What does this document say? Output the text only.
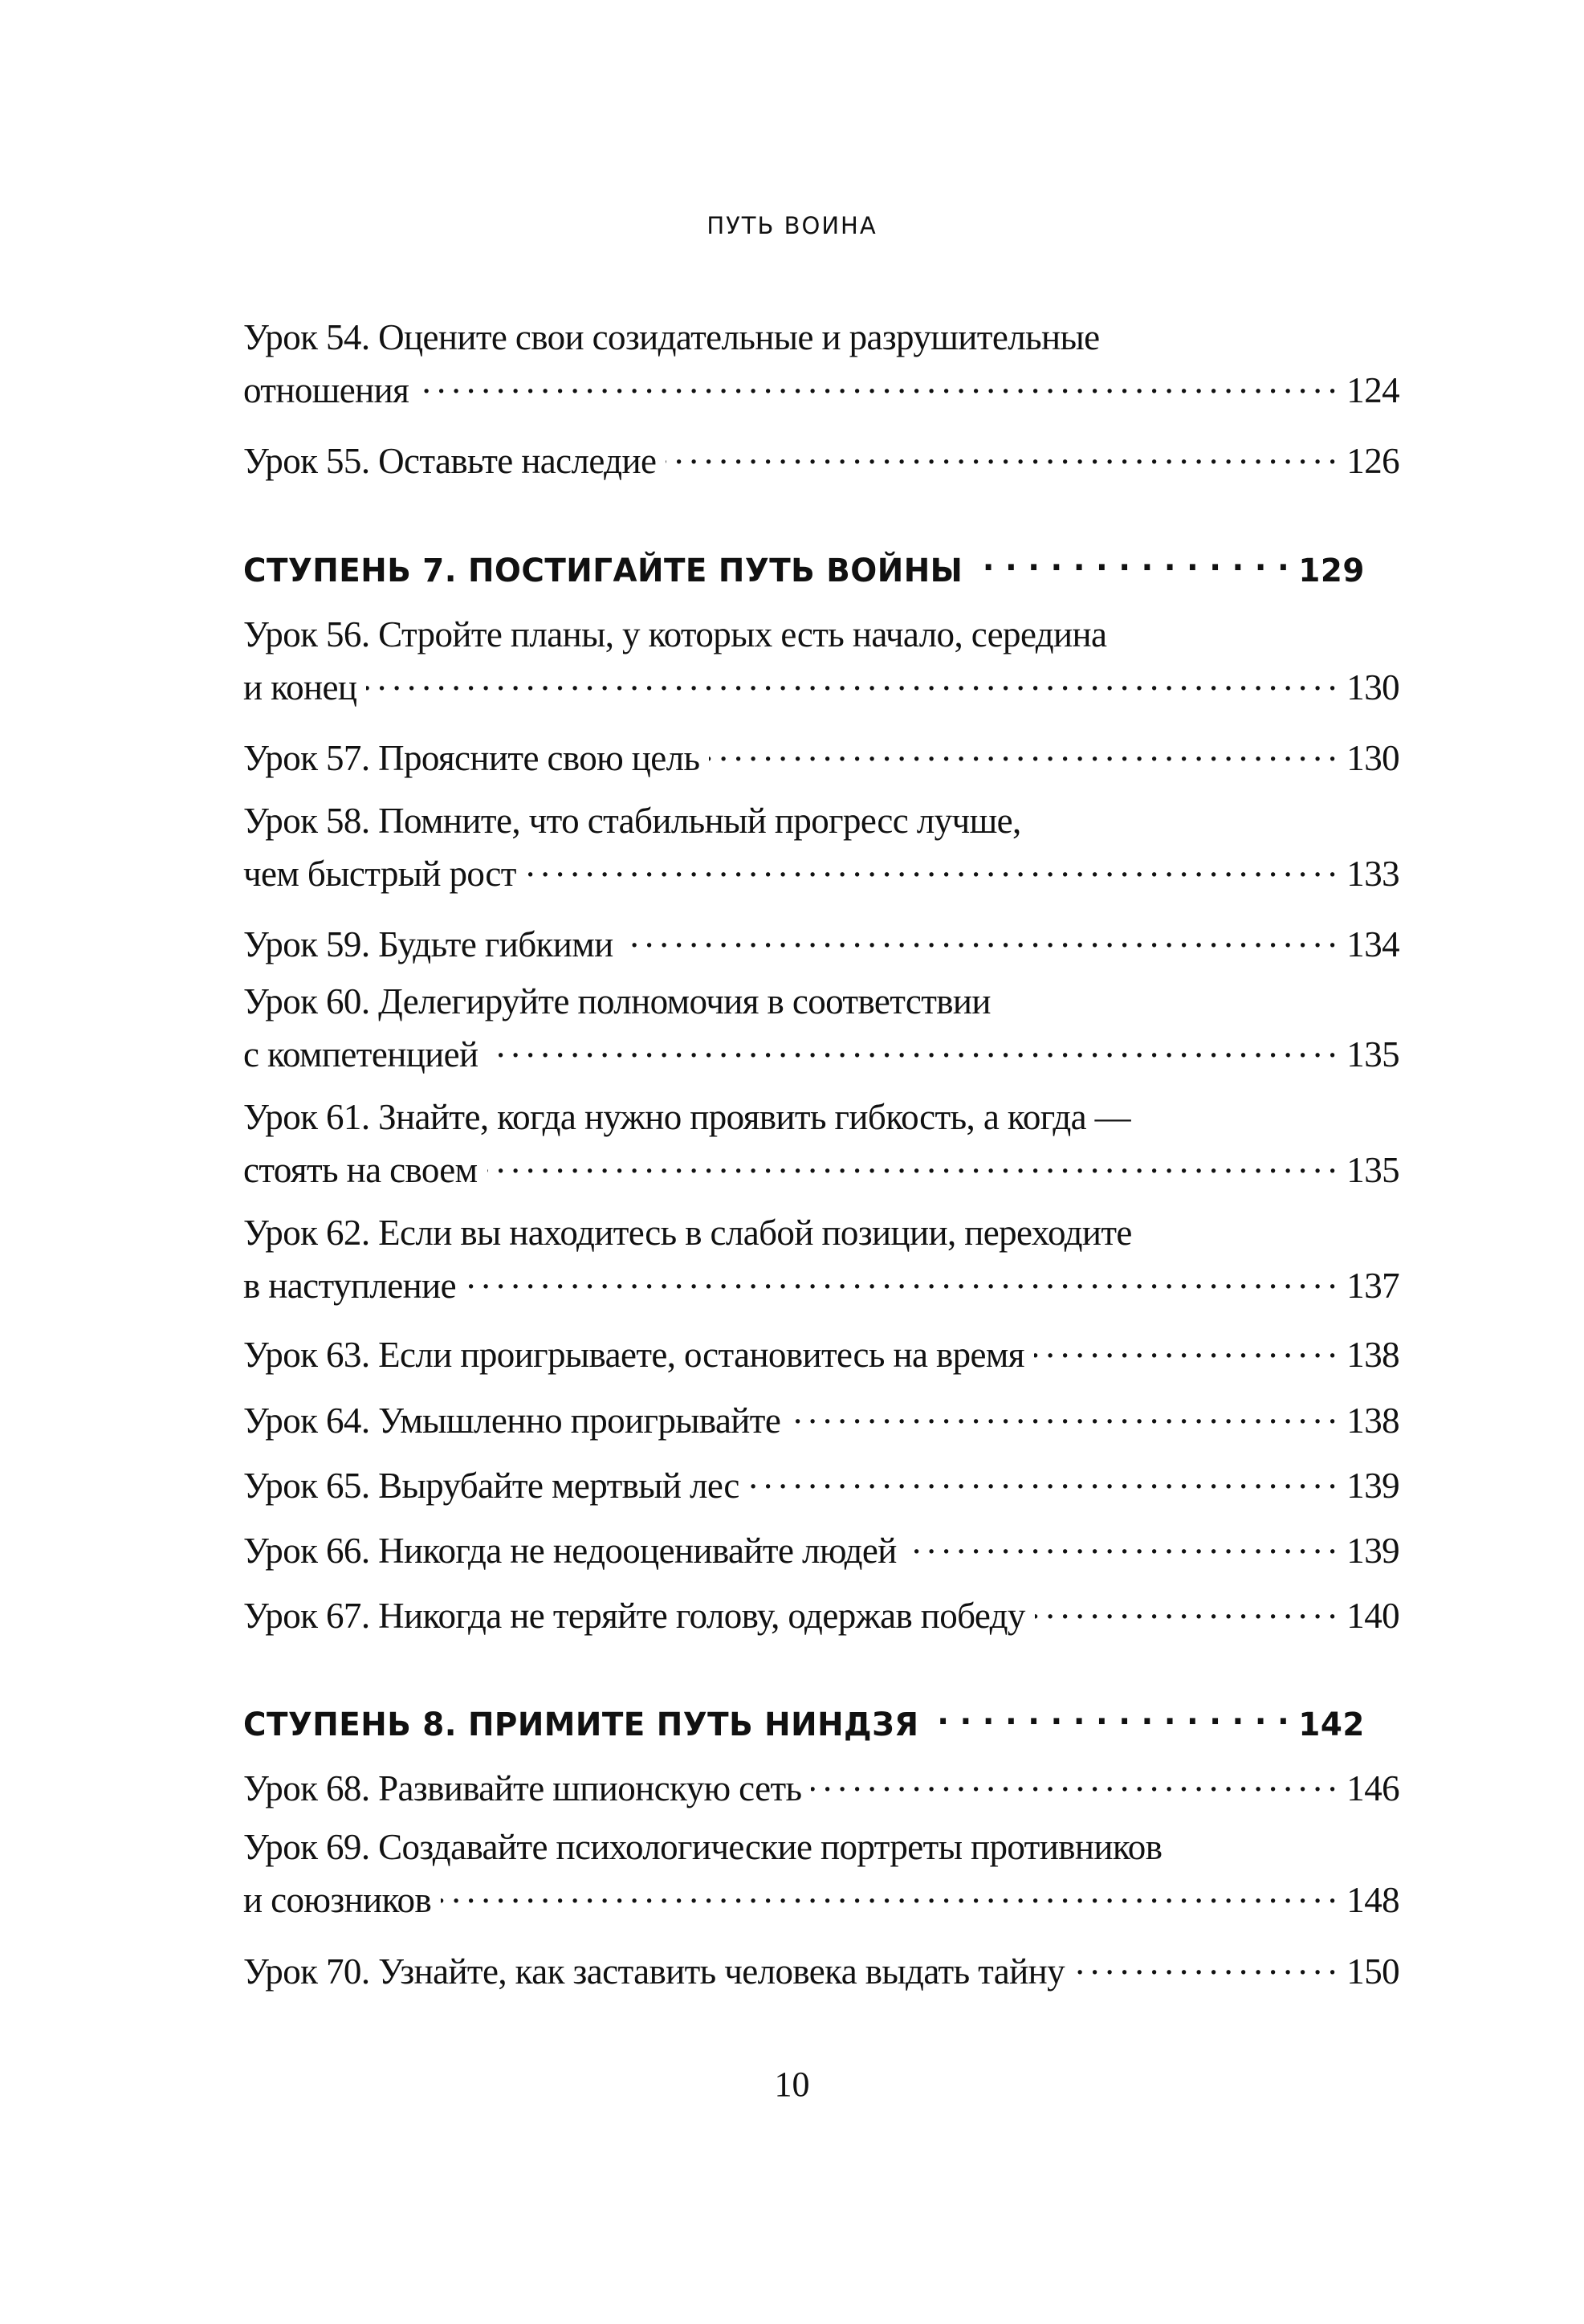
ПУТЬ ВОИНА
Урок 54. Оцените свои созидательные и разрушительные
отношения . . .	124
Урок 55. Оставьте наследие . . .	126
СТУПЕНЬ 7. ПОСТИГАЙТЕ ПУТЬ ВОЙНЫ . . .	129
Урок 56. Стройте планы, у которых есть начало, середина
и конец . . .	130
Урок 57. Проясните свою цель . . .	130
Урок 58. Помните, что стабильный прогресс лучше,
чем быстрый рост . . .	133
Урок 59. Будьте гибкими . . .	134
Урок 60. Делегируйте полномочия в соответствии
с компетенцией . . .	135
Урок 61. Знайте, когда нужно проявить гибкость, а когда —
стоять на своем . . .	135
Урок 62. Если вы находитесь в слабой позиции, переходите
в наступление . . .	137
Урок 63. Если проигрываете, остановитесь на время . . .	138
Урок 64. Умышленно проигрывайте . . .	138
Урок 65. Вырубайте мертвый лес . . .	139
Урок 66. Никогда не недооценивайте людей . . .	139
Урок 67. Никогда не теряйте голову, одержав победу . . .	140
СТУПЕНЬ 8. ПРИМИТЕ ПУТЬ НИНДЗЯ . . .	142
Урок 68. Развивайте шпионскую сеть . . .	146
Урок 69. Создавайте психологические портреты противников
и союзников . . .	148
Урок 70. Узнайте, как заставить человека выдать тайну . . .	150
10
